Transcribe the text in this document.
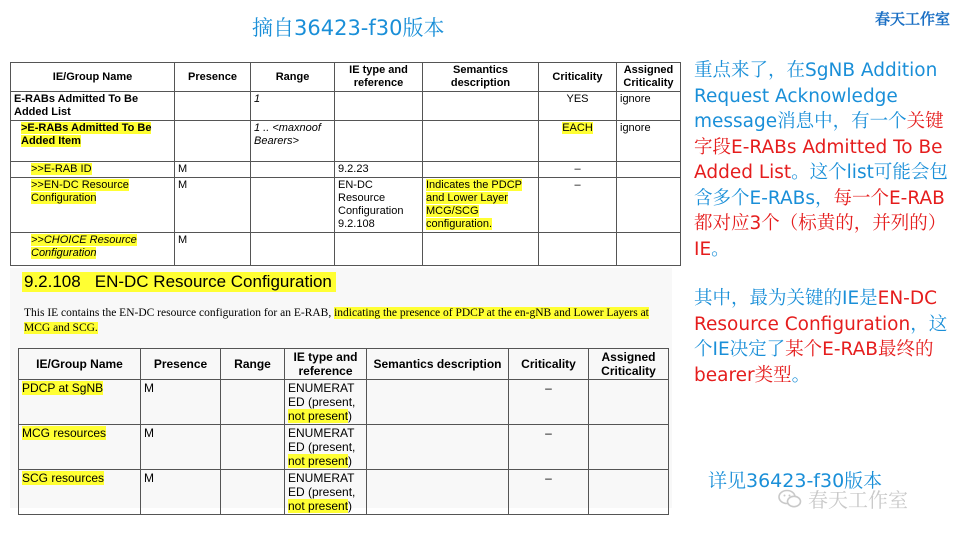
摘自36423-f30版本	春天工作室
IE/Group Name	Presence	Range	IE type and reference	Semantics description	Criticality	Assigned Criticality
E-RABs Admitted To Be Added List		1			YES	ignore
>E-RABs Admitted To Be Added Item		1 .. <maxnoof Bearers>			EACH	ignore
>>E-RAB ID	M		9.2.23		–	
>>EN-DC Resource Configuration	M		EN-DC Resource Configuration 9.2.108	Indicates the PDCP and Lower Layer MCG/SCG configuration.	–	
>>CHOICE Resource Configuration	M					
9.2.108 EN-DC Resource Configuration
This IE contains the EN-DC resource configuration for an E-RAB, indicating the presence of PDCP at the en-gNB and Lower Layers at MCG and SCG.
IE/Group Name	Presence	Range	IE type and reference	Semantics description	Criticality	Assigned Criticality
PDCP at SgNB	M		ENUMERAT ED (present, not present)		–	
MCG resources	M		ENUMERAT ED (present, not present)		–	
SCG resources	M		ENUMERAT ED (present, not present)		–	

重点来了，在SgNB Addition Request Acknowledge message消息中，有一个关键字段E-RABs Admitted To Be Added List。这个list可能会包含多个E-RABs，每一个E-RAB都对应3个（标黄的，并列的）IE。

其中，最为关键的IE是EN-DC Resource Configuration，这个IE决定了某个E-RAB最终的bearer类型。

详见36423-f30版本
春天工作室
